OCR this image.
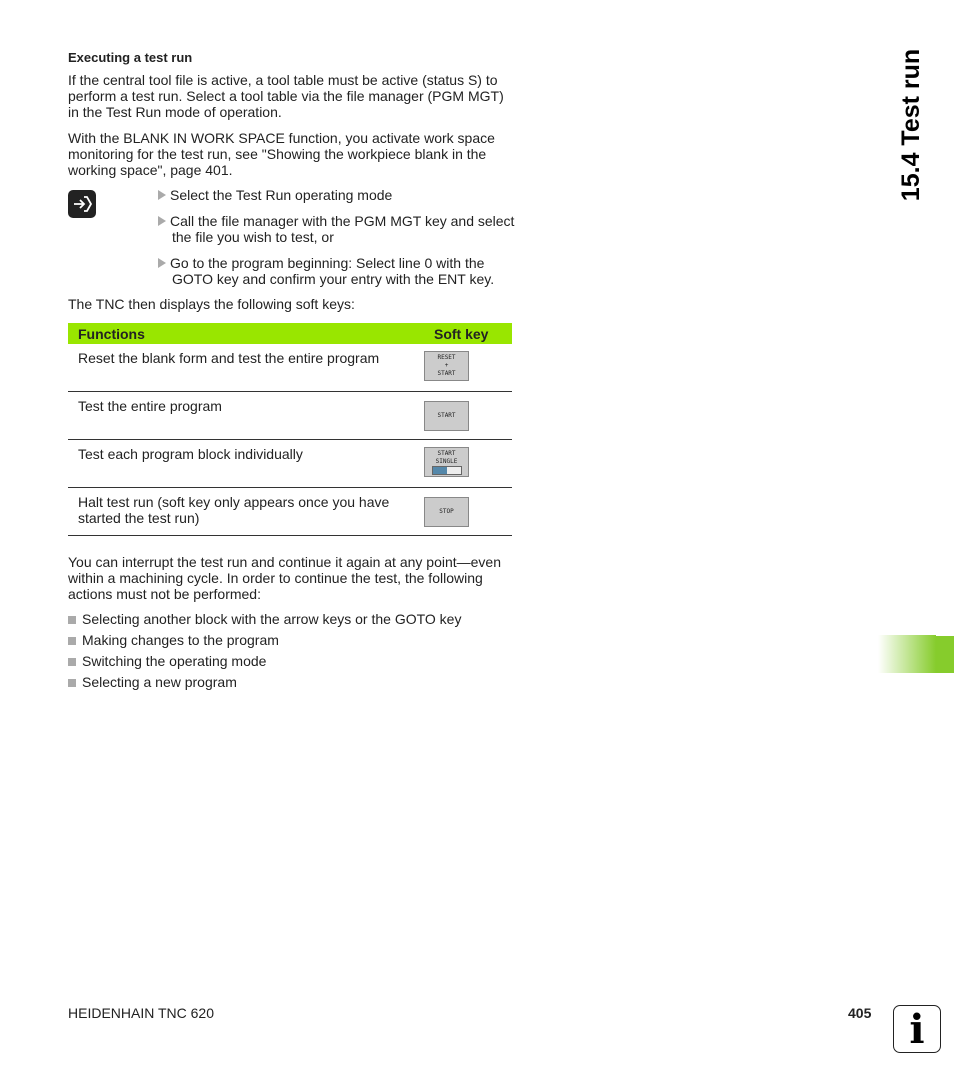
Executing a test run

If the central tool file is active, a tool table must be active (status S) to perform a test run. Select a tool table via the file manager (PGM MGT) in the Test Run mode of operation.

With the BLANK IN WORK SPACE function, you activate work space monitoring for the test run, see "Showing the workpiece blank in the working space", page 401.

Select the Test Run operating mode
Call the file manager with the PGM MGT key and select the file you wish to test, or
Go to the program beginning: Select line 0 with the GOTO key and confirm your entry with the ENT key.

The TNC then displays the following soft keys:

Functions	Soft key
Reset the blank form and test the entire program	RESET
+
START

Test the entire program	START

Test each program block individually	START
SINGLE

Halt test run (soft key only appears once you have started the test run)	STOP

You can interrupt the test run and continue it again at any point—even within a machining cycle. In order to continue the test, the following actions must not be performed:

Selecting another block with the arrow keys or the GOTO key
Making changes to the program
Switching the operating mode
Selecting a new program
15.4 Test run
HEIDENHAIN TNC 620	405 i
